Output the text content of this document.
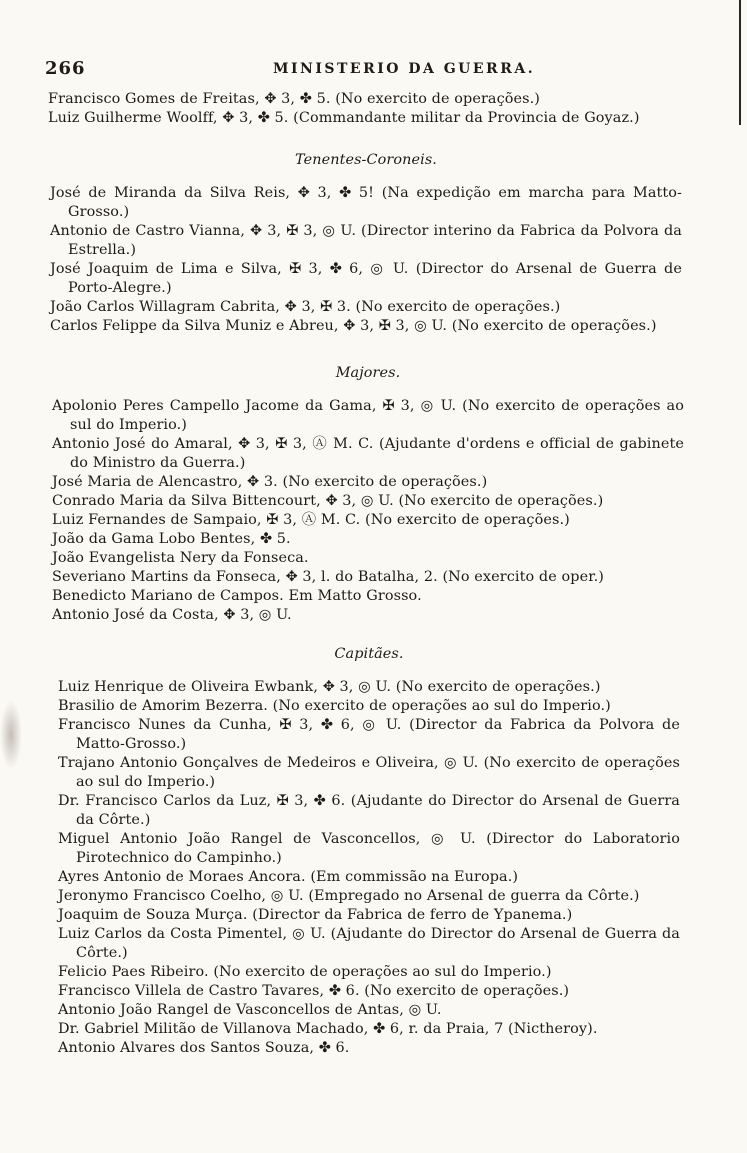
266	MINISTERIO DA GUERRA.

Francisco Gomes de Freitas, ✥ 3, ✤ 5. (No exercito de operações.)

Luiz Guilherme Woolff, ✥ 3, ✤ 5. (Commandante militar da Provincia de Goyaz.)

Tenentes-Coroneis.

José de Miranda da Silva Reis, ✥ 3, ✤ 5! (Na expedição em marcha para Matto-Grosso.)

Antonio de Castro Vianna, ✥ 3, ✠ 3, ◎ U. (Director interino da Fabrica da Polvora da Estrella.)

José Joaquim de Lima e Silva, ✠ 3, ✤ 6, ◎ U. (Director do Arsenal de Guerra de Porto-Alegre.)

João Carlos Willagram Cabrita, ✥ 3, ✠ 3. (No exercito de operações.)

Carlos Felippe da Silva Muniz e Abreu, ✥ 3, ✠ 3, ◎ U. (No exercito de operações.)

Majores.

Apolonio Peres Campello Jacome da Gama, ✠ 3, ◎ U. (No exercito de operações ao sul do Imperio.)

Antonio José do Amaral, ✥ 3, ✠ 3, Ⓐ M. C. (Ajudante d'ordens e official de gabinete do Ministro da Guerra.)

José Maria de Alencastro, ✥ 3. (No exercito de operações.)

Conrado Maria da Silva Bittencourt, ✥ 3, ◎ U. (No exercito de operações.)

Luiz Fernandes de Sampaio, ✠ 3, Ⓐ M. C. (No exercito de operações.)

João da Gama Lobo Bentes, ✤ 5.

João Evangelista Nery da Fonseca.

Severiano Martins da Fonseca, ✥ 3, l. do Batalha, 2. (No exercito de oper.)

Benedicto Mariano de Campos. Em Matto Grosso.

Antonio José da Costa, ✥ 3, ◎ U.

Capitães.

Luiz Henrique de Oliveira Ewbank, ✥ 3, ◎ U. (No exercito de operações.)

Brasilio de Amorim Bezerra. (No exercito de operações ao sul do Imperio.)

Francisco Nunes da Cunha, ✠ 3, ✤ 6, ◎ U. (Director da Fabrica da Polvora de Matto-Grosso.)

Trajano Antonio Gonçalves de Medeiros e Oliveira, ◎ U. (No exercito de operações ao sul do Imperio.)

Dr. Francisco Carlos da Luz, ✠ 3, ✤ 6. (Ajudante do Director do Arsenal de Guerra da Côrte.)

Miguel Antonio João Rangel de Vasconcellos, ◎ U. (Director do Laboratorio Pirotechnico do Campinho.)

Ayres Antonio de Moraes Ancora. (Em commissão na Europa.)

Jeronymo Francisco Coelho, ◎ U. (Empregado no Arsenal de guerra da Côrte.)

Joaquim de Souza Murça. (Director da Fabrica de ferro de Ypanema.)

Luiz Carlos da Costa Pimentel, ◎ U. (Ajudante do Director do Arsenal de Guerra da Côrte.)

Felicio Paes Ribeiro. (No exercito de operações ao sul do Imperio.)

Francisco Villela de Castro Tavares, ✤ 6. (No exercito de operações.)

Antonio João Rangel de Vasconcellos de Antas, ◎ U.

Dr. Gabriel Militão de Villanova Machado, ✤ 6, r. da Praia, 7 (Nictheroy).

Antonio Alvares dos Santos Souza, ✤ 6.
